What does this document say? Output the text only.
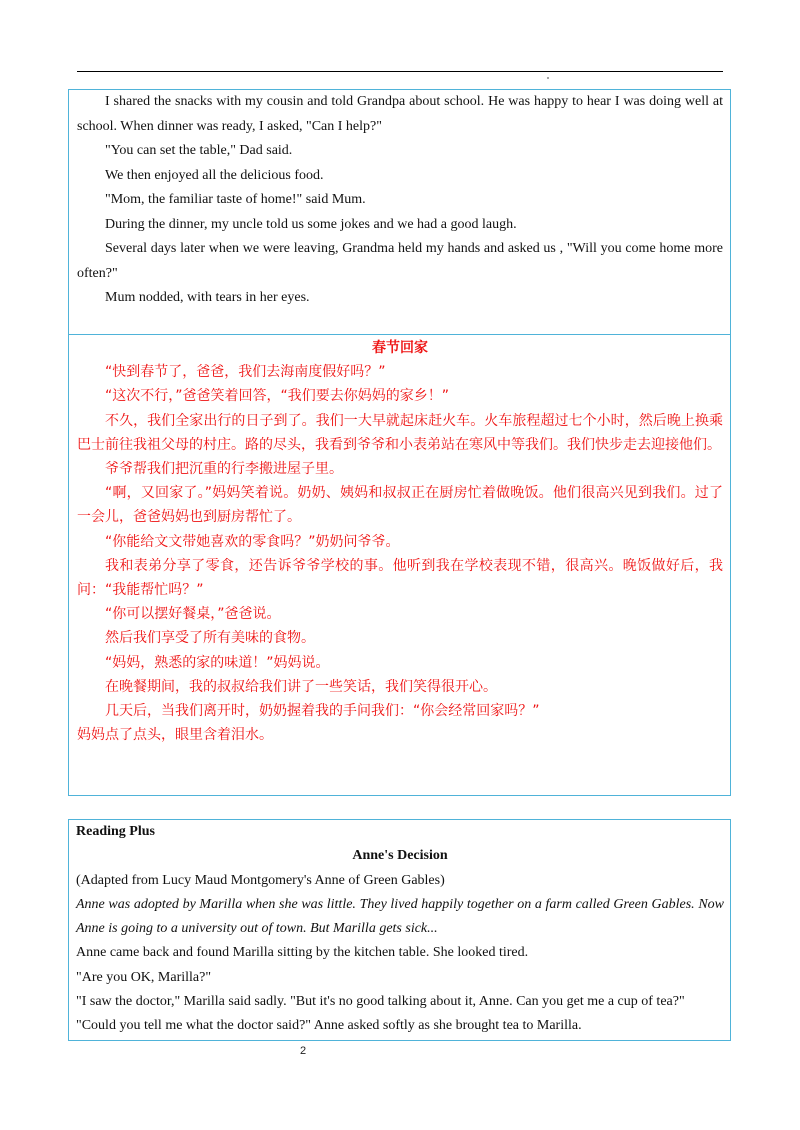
I shared the snacks with my cousin and told Grandpa about school. He was happy to hear I was doing well at school. When dinner was ready, I asked, "Can I help?"

"You can set the table," Dad said.

We then enjoyed all the delicious food.

"Mom, the familiar taste of home!" said Mum.

During the dinner, my uncle told us some jokes and we had a good laugh.

Several days later when we were leaving, Grandma held my hands and asked us , "Will you come home more often?"

Mum nodded, with tears in her eyes.

春节回家

“快到春节了，爸爸，我们去海南度假好吗？”

“这次不行，”爸爸笑着回答，“我们要去你妈妈的家乡！”

不久，我们全家出行的日子到了。我们一大早就起床赶火车。火车旅程超过七个小时，然后晚上换乘巴士前往我祖父母的村庄。路的尽头，我看到爷爷和小表弟站在寒风中等我们。我们快步走去迎接他们。

爷爷帮我们把沉重的行李搬进屋子里。

“啊，又回家了。”妈妈笑着说。奶奶、姨妈和叔叔正在厨房忙着做晚饭。他们很高兴见到我们。过了一会儿，爸爸妈妈也到厨房帮忙了。

“你能给文文带她喜欢的零食吗？”奶奶问爷爷。

我和表弟分享了零食，还告诉爷爷学校的事。他听到我在学校表现不错，很高兴。晚饭做好后，我问：“我能帮忙吗？”

“你可以摆好餐桌，”爸爸说。

然后我们享受了所有美味的食物。

“妈妈，熟悉的家的味道！”妈妈说。

在晚餐期间，我的叔叔给我们讲了一些笑话，我们笑得很开心。

几天后，当我们离开时，奶奶握着我的手问我们：“你会经常回家吗？”

妈妈点了点头，眼里含着泪水。

Reading Plus

Anne's Decision

(Adapted from Lucy Maud Montgomery's Anne of Green Gables)

Anne was adopted by Marilla when she was little. They lived happily together on a farm called Green Gables. Now Anne is going to a university out of town. But Marilla gets sick...

Anne came back and found Marilla sitting by the kitchen table. She looked tired.

"Are you OK, Marilla?"

"I saw the doctor," Marilla said sadly. "But it's no good talking about it, Anne. Can you get me a cup of tea?"

"Could you tell me what the doctor said?" Anne asked softly as she brought tea to Marilla.

2
